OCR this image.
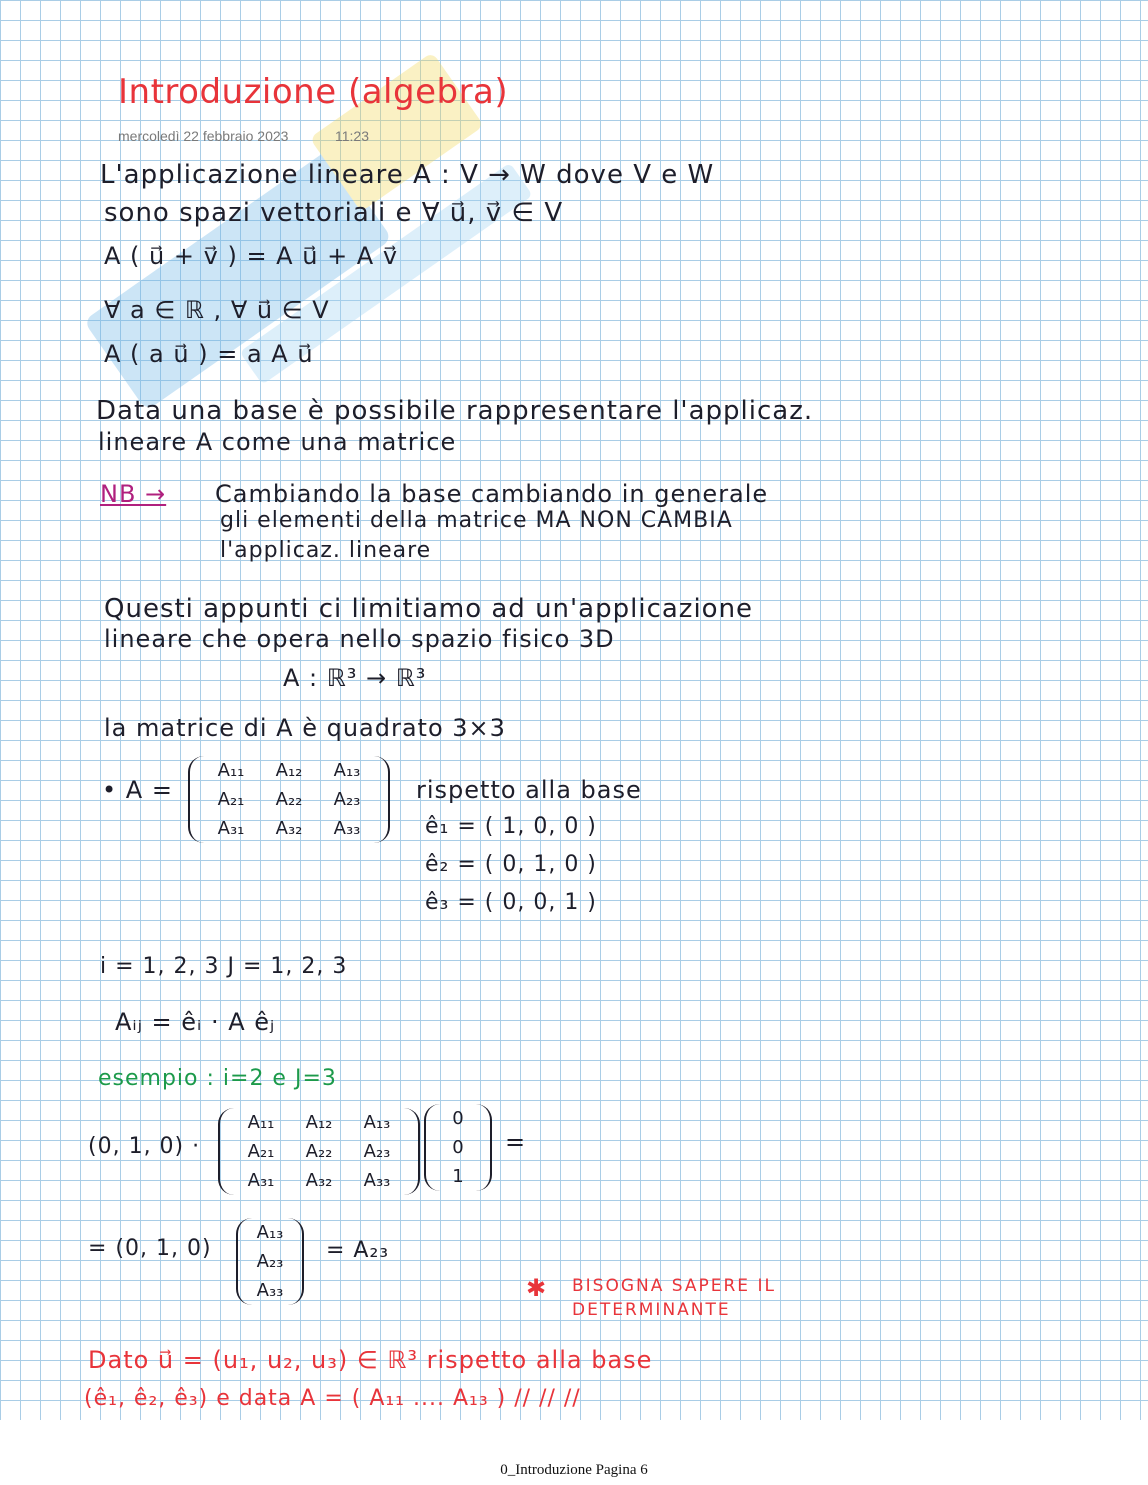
Introduzione (algebra)
mercoledì 22 febbraio 2023	11:23
L'applicazione lineare A : V → W dove V e W
sono spazi vettoriali e ∀ u⃗, v⃗ ∈ V
A ( u⃗ + v⃗ ) = A u⃗ + A v⃗
∀ a ∈ ℝ , ∀ u⃗ ∈ V
A ( a u⃗ ) = a A u⃗
Data una base è possibile rappresentare l'applicaz.
lineare A come una matrice
NB → Cambiando la base cambiando in generale
gli elementi della matrice MA NON CAMBIA
l'applicaz. lineare
Questi appunti ci limitiamo ad un'applicazione
lineare che opera nello spazio fisico 3D
A : ℝ³ → ℝ³
la matrice di A è quadrato 3×3
• A =
A₁₁	A₁₂	A₁₃
A₂₁	A₂₂	A₂₃
A₃₁	A₃₂	A₃₃
rispetto alla base
ê₁ = ( 1, 0, 0 )
ê₂ = ( 0, 1, 0 )
ê₃ = ( 0, 0, 1 )
i = 1, 2, 3 J = 1, 2, 3
Aᵢⱼ = êᵢ · A êⱼ
esempio : i=2 e J=3
(0, 1, 0) ·
A₁₁	A₁₂	A₁₃
A₂₁	A₂₂	A₂₃
A₃₁	A₃₂	A₃₃
0
0
1
=
= (0, 1, 0)
A₁₃
A₂₃
A₃₃
= A₂₃
✱ BISOGNA SAPERE IL
DETERMINANTE
Dato u⃗ = (u₁, u₂, u₃) ∈ ℝ³ rispetto alla base
(ê₁, ê₂, ê₃) e data A = ( A₁₁ .... A₁₃ ) // // //
0_Introduzione Pagina 6
